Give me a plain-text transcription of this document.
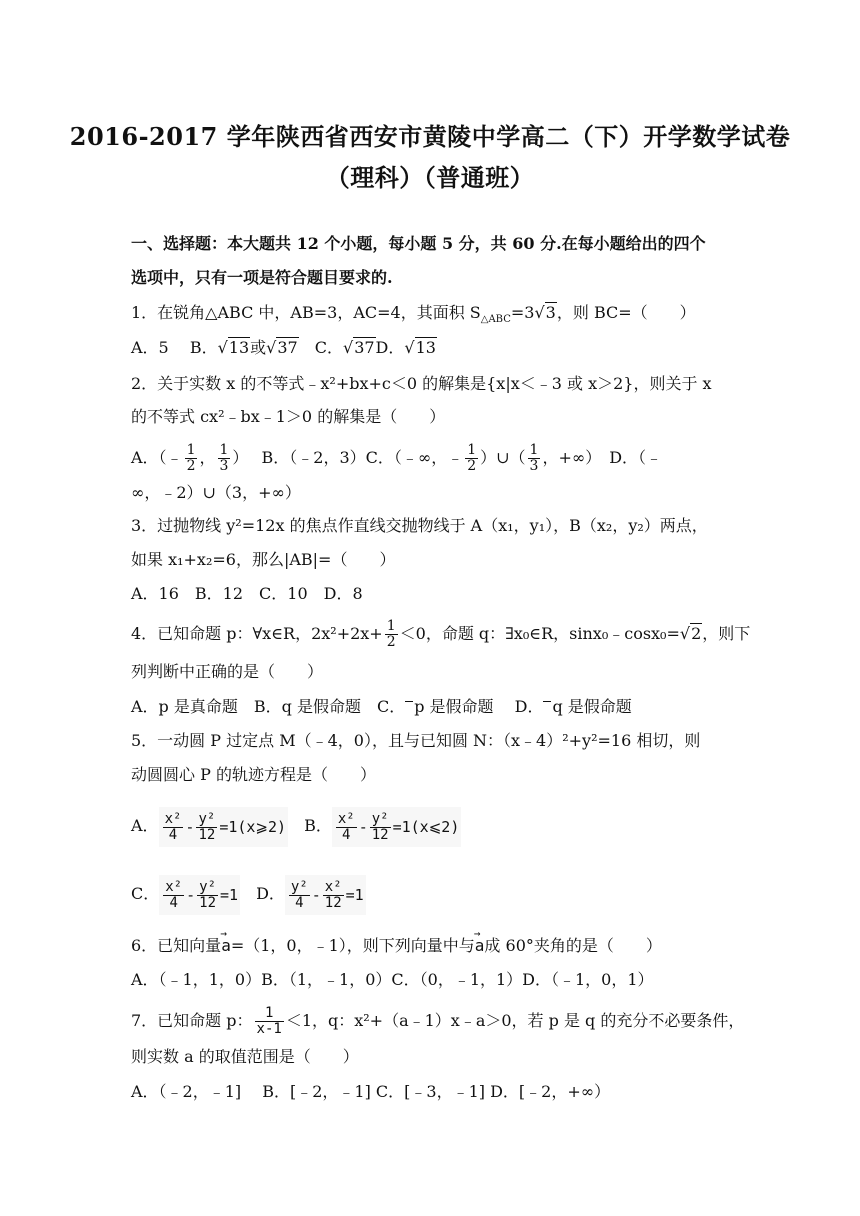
2016-2017 学年陕西省西安市黄陵中学高二（下）开学数学试卷
（理科）（普通班）
一、选择题：本大题共 12 个小题，每小题 5 分，共 60 分.在每小题给出的四个
选项中，只有一项是符合题目要求的.
1．在锐角△ABC 中，AB=3，AC=4，其面积 $S_{\triangle ABC}=3√3$，则 BC=（　　）
A．5　 B．√13或√37　C．√37D．√13
2．关于实数 x 的不等式﹣x²+bx+c＜0 的解集是{x|x＜﹣3 或 x＞2}，则关于 x
的不等式 cx²﹣bx﹣1＞0 的解集是（　　）
A．（﹣ $\frac{1}{2}$ ， $\frac{1}{3}$ ）　 B．（﹣2，3）C．（﹣∞，﹣ $\frac{1}{2}$ ）∪（ $\frac{1}{3}$ ，+∞）　D．（﹣
∞，﹣2）∪（3，+∞）
3．过抛物线 y²=12x 的焦点作直线交抛物线于 A（x₁，y₁），B（x₂，y₂）两点，
如果 x₁+x₂=6，那么|AB|=（　　）
A．16　B．12　C．10　D．8
4．已知命题 p：∀x∈R，$2x^2+2x+ \frac{1}{2} <0$，命题 q：∃x₀∈R，sinx₀﹣cosx₀=√2，则下
列判断中正确的是（　　）
A．p 是真命题　B．q 是假命题　C． p 是假命题　 D． q 是假命题
5．一动圆 P 过定点 M（﹣4，0），且与已知圆 N：（x﹣4）²+y²=16 相切，则
动圆圆心 P 的轨迹方程是（　　）
A． $\frac{\text{x²}}{4} - \frac{\text{y²}}{12}$ =1(x⩾2)　B． $\frac{\text{x²}}{4} - \frac{\text{y²}}{12}$ =1(x⩽2)
C． $\frac{\text{x²}}{4} - \frac{\text{y²}}{12} =1$　D． $\frac{\text{y²}}{4} - \frac{\text{x²}}{12} =1$
6．已知向量→ a=（1，0，﹣1），则下列向量中与→ a成 60°夹角的是（　　）
A．（﹣1，1，0）B．（1，﹣1，0）C．（0，﹣1，1）D．（﹣1，0，1）
7．已知命题 p： $\frac{1}{x-1} <1$，q：x²+（a﹣1）x﹣a＞0，若 p 是 q 的充分不必要条件，
则实数 a 的取值范围是（　　）
A．（﹣2，﹣1]　 B．[﹣2，﹣1] C．[﹣3，﹣1] D．[﹣2，+∞）
